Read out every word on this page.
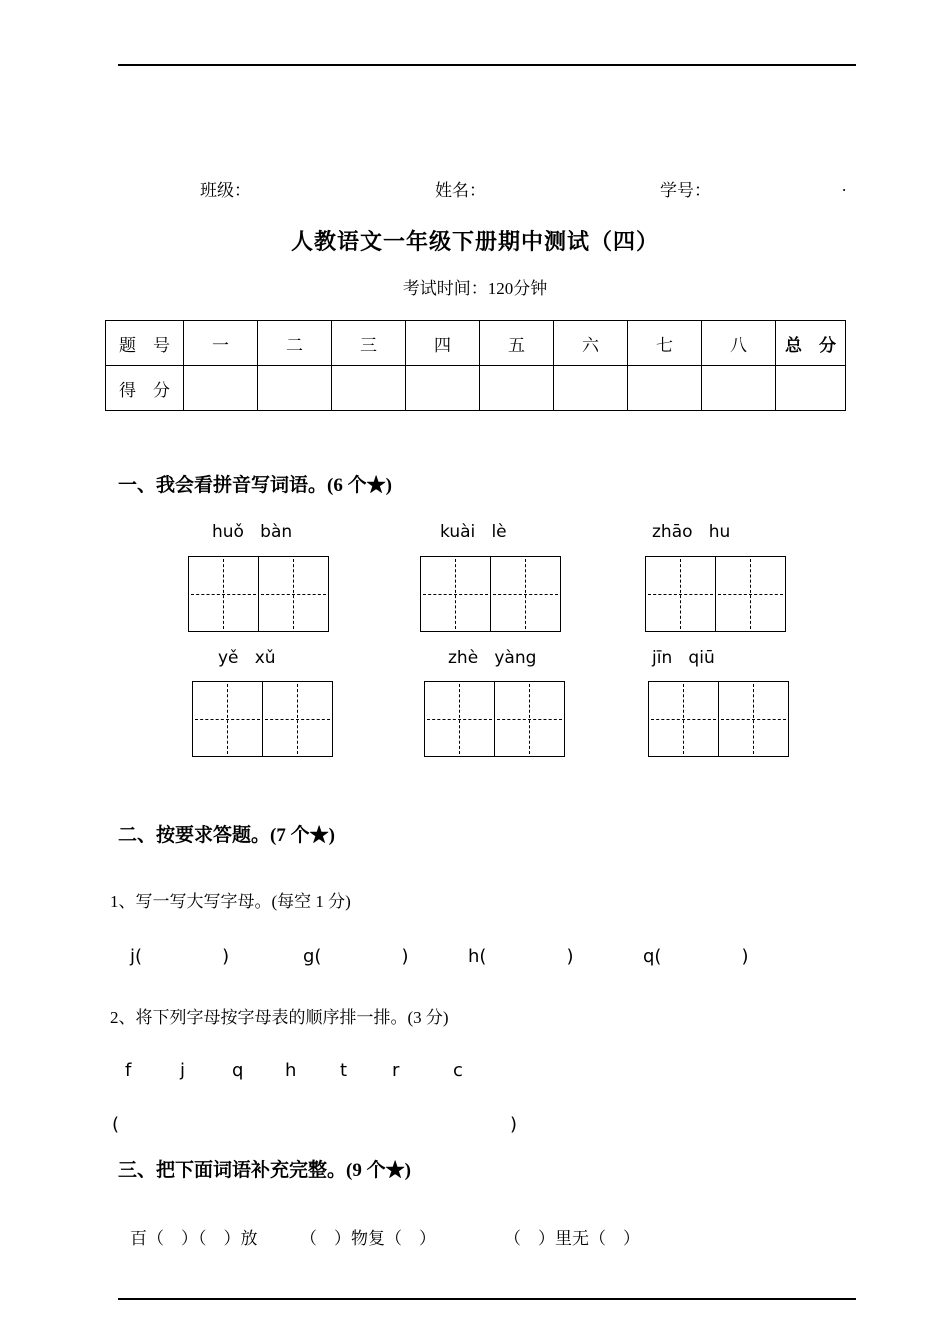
班级：	姓名：	学号：	.
人教语文一年级下册期中测试（四）
考试时间：120分钟
题　号	一	二	三	四	五	六	七	八	总　分
得　分									
一、我会看拼音写词语。(6 个★)
huǒ   bàn	kuài   lè	zhāo   hu
yě   xǔ	zhè   yàng	jīn   qiū
二、按要求答题。(7 个★)
1、写一写大写字母。(每空 1 分)
j(              )	g(              )	h(              )	q(              )
2、将下列字母按字母表的顺序排一排。(3 分)
f	j	q h t r	c
(	)
三、把下面词语补充完整。(9 个★)
百（　）（　）放　　　（　）物复（　）　　　　　（　）里无（　）
